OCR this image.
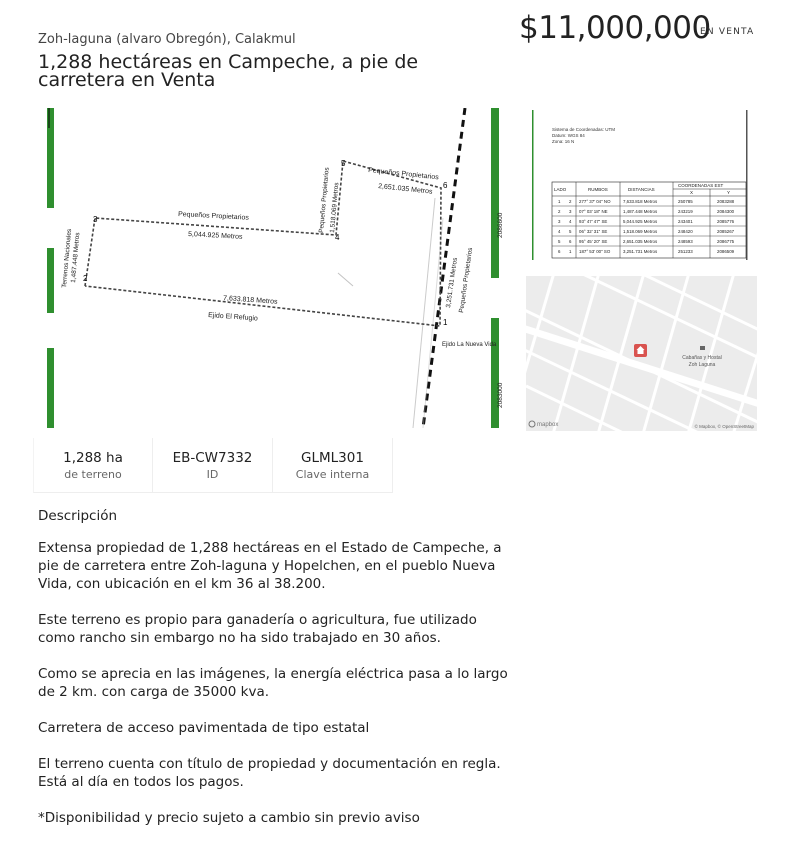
Zoh-laguna (alvaro Obregón), Calakmul
1,288 hectáreas en Campeche, a pie de carretera en Venta
$11,000,000
EN VENTA
1
2
3
4
5
6
Pequeños Propietarios
5,044.925 Metros
Pequeños Propietarios
1,518.069 Metros
Pequeños Propietarios
2,651.035 Metros
Terrenos Nacionales
1,487.448 Metros
7,633.818 Metros
Ejido El Refugio
3,251.731 Metros Pequeños Propietarios
Ejido La Nueva Vida
2086600
2083000
Sistema de Coordenadas: UTM
Datum: WGS 84
Zona: 16 N
LADO	RUMBOS	DISTANCIAS
COORDENADAS EST
X	Y
1 2 277° 37' 04" NO	7,633.818 Metros	250785	2083288
2 3 07° 03' 18" NE	1,487.448 Metros	243219	2084300
3 4 93° 47' 47" SE	5,044.925 Metros	243401	2085776
4 5 06° 32' 31" SE	1,518.069 Metros	248420	2085267
5 6 95° 45' 20" SE	2,651.035 Metros	248593	2086775
6 1 187° 53' 00" SO	3,251.731 Metros	251233	2086509
Cabañas y Hostal
Zoh Laguna
mapbox	© Mapbox, © OpenStreetMap
1,288 ha
de terreno
EB-CW7332
ID
GLML301
Clave interna
Descripción

Extensa propiedad de 1,288 hectáreas en el Estado de Campeche, a pie de carretera entre Zoh-laguna y Hopelchen, en el pueblo Nueva Vida, con ubicación en el km 36 al 38.200.

Este terreno es propio para ganadería o agricultura, fue utilizado como rancho sin embargo no ha sido trabajado en 30 años.

Como se aprecia en las imágenes, la energía eléctrica pasa a lo largo de 2 km. con carga de 35000 kva.

Carretera de acceso pavimentada de tipo estatal

El terreno cuenta con título de propiedad y documentación en regla. Está al día en todos los pagos.

*Disponibilidad y precio sujeto a cambio sin previo aviso
